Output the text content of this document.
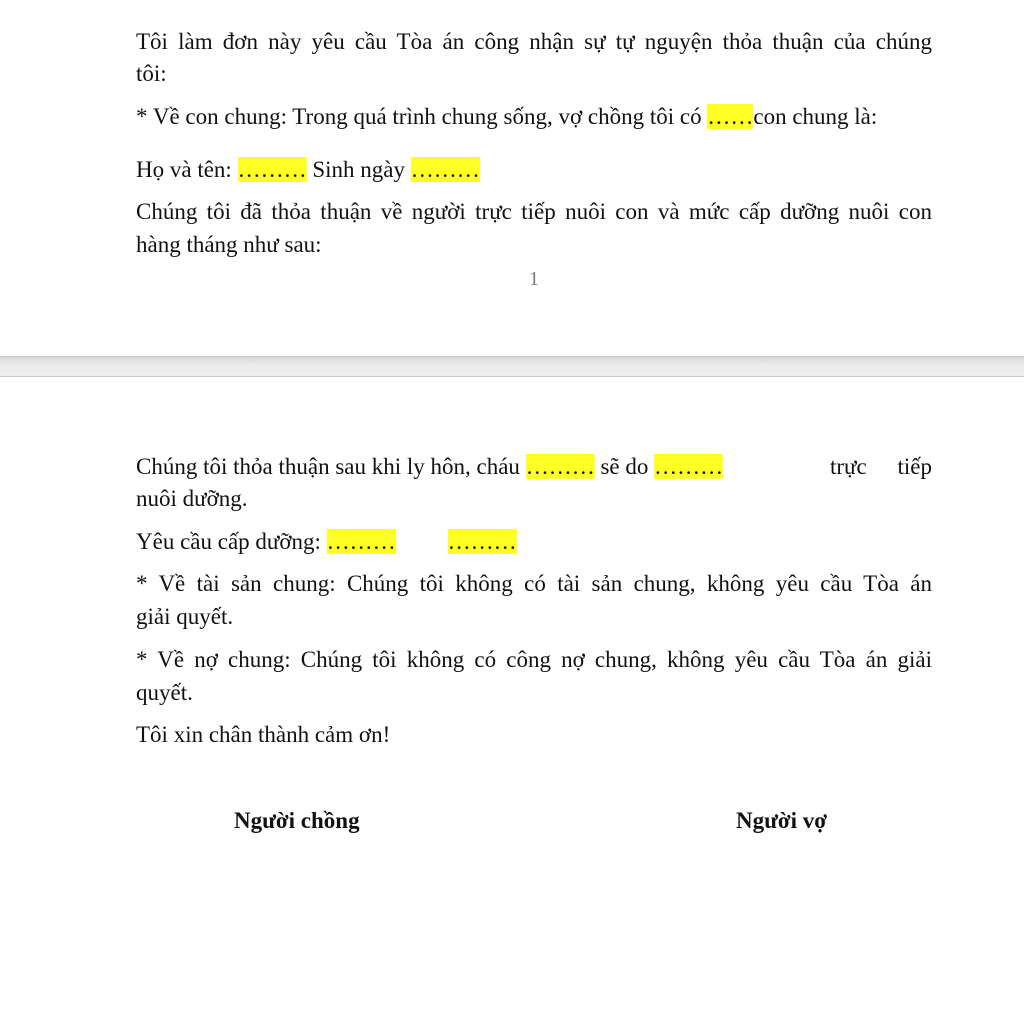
Tôi làm đơn này yêu cầu Tòa án công nhận sự tự nguyện thỏa thuận của chúng
tôi:
* Về con chung: Trong quá trình chung sống, vợ chồng tôi có ……con chung là:
Họ và tên: ……… Sinh ngày ………
Chúng tôi đã thỏa thuận về người trực tiếp nuôi con và mức cấp dưỡng nuôi con
hàng tháng như sau:
1
Chúng tôi thỏa thuận sau khi ly hôn, cháu ……… sẽ do ………	trực tiếp
nuôi dưỡng.
Yêu cầu cấp dưỡng: ……… ………
* Về tài sản chung: Chúng tôi không có tài sản chung, không yêu cầu Tòa án
giải quyết.
* Về nợ chung: Chúng tôi không có công nợ chung, không yêu cầu Tòa án giải
quyết.
Tôi xin chân thành cảm ơn!
Người chồng	Người vợ
